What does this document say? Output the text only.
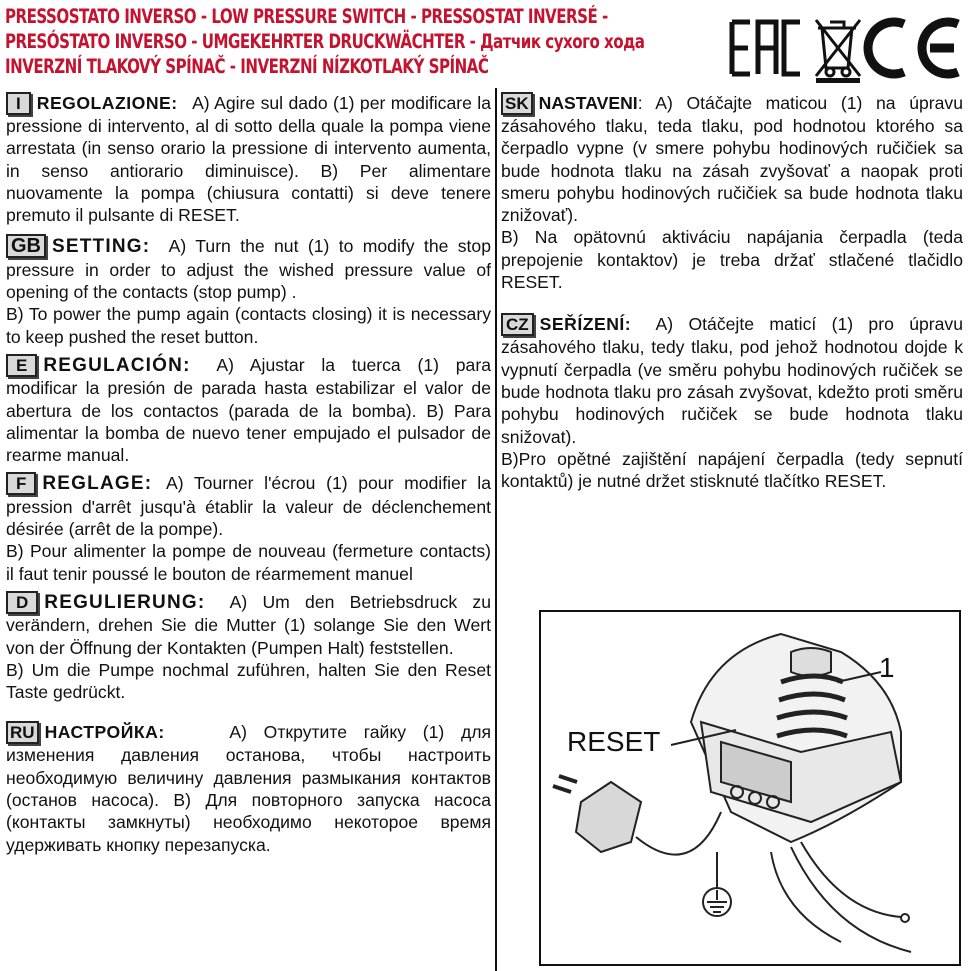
PRESSOSTATO INVERSO - LOW PRESSURE SWITCH - PRESSOSTAT INVERSÉ -
PRESÓSTATO INVERSO - UMGEKEHRTER DRUCKWÄCHTER - Датчик сухого хода
INVERZNÍ TLAKOVÝ SPÍNAČ - INVERZNÍ NÍZKOTLAKÝ SPÍNAČ
I REGOLAZIONE: A) Agire sul dado (1) per modificare la pressione di intervento, al di sotto della quale la pompa viene arrestata (in senso orario la pressione di intervento aumenta, in senso antiorario diminuisce). B) Per alimentare nuovamente la pompa (chiusura contatti) si deve tenere premuto il pulsante di RESET.
GB SETTING: A) Turn the nut (1) to modify the stop pressure in order to adjust the wished pressure value of opening of the contacts (stop pump) .
B) To power the pump again (contacts closing) it is necessary to keep pushed the reset button.
E REGULACIÓN: A) Ajustar la tuerca (1) para modificar la presión de parada hasta estabilizar el valor de abertura de los contactos (parada de la bomba). B) Para alimentar la bomba de nuevo tener empujado el pulsador de rearme manual.
F REGLAGE: A) Tourner l'écrou (1) pour modifier la pression d'arrêt jusqu'à établir la valeur de déclenchement désirée (arrêt de la pompe).
B) Pour alimenter la pompe de nouveau (fermeture contacts) il faut tenir poussé le bouton de réarmement manuel
D REGULIERUNG: A) Um den Betriebsdruck zu verändern, drehen Sie die Mutter (1) solange Sie den Wert von der Öffnung der Kontakten (Pumpen Halt) feststellen.
B) Um die Pumpe nochmal zuführen, halten Sie den Reset Taste gedrückt.
RU НАСТРОЙКА:	A) Открутите гайку (1) для изменения давления останова, чтобы настроить необходимую величину давления размыкания контактов (останов насоса). B) Для повторного запуска насоса (контакты замкнуты) необходимо некоторое время удерживать кнопку перезапуска.
SK NASTAVENI: A) Otáčajte maticou (1) na úpravu zásahového tlaku, teda tlaku, pod hodnotou ktorého sa čerpadlo vypne (v smere pohybu hodinových ručičiek sa bude hodnota tlaku na zásah zvyšovať a naopak proti smeru pohybu hodinových ručičiek sa bude hodnota tlaku znižovať).
B) Na opätovnú aktiváciu napájania čerpadla (teda prepojenie kontaktov) je treba držať stlačené tlačidlo RESET.
CZ SEŘÍZENÍ: A) Otáčejte maticí (1) pro úpravu zásahového tlaku, tedy tlaku, pod jehož hodnotou dojde k vypnutí čerpadla (ve směru pohybu hodinových ručiček se bude hodnota tlaku pro zásah zvyšovat, kdežto proti směru pohybu hodinových ručiček se bude hodnota tlaku snižovat).
B)Pro opětné zajištění napájení čerpadla (tedy sepnutí kontaktů) je nutné držet stisknuté tlačítko RESET.
RESET
1
